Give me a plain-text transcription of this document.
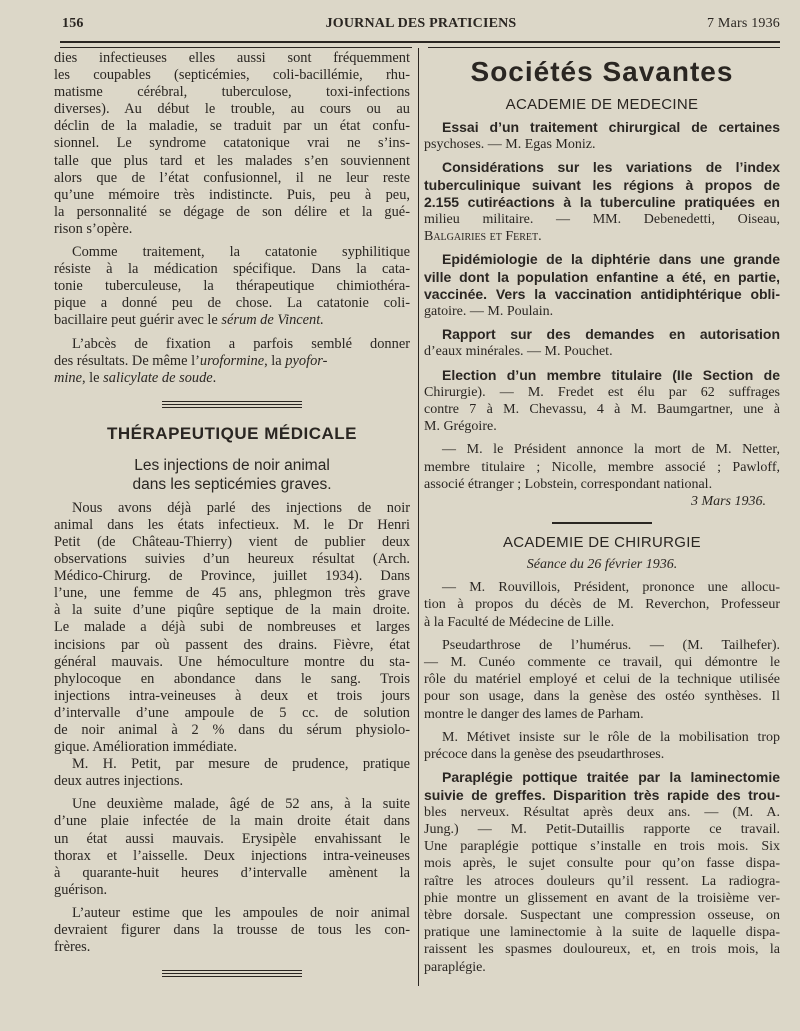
156	JOURNAL DES PRATICIENS	7 Mars 1936

dies infectieuses elles aussi sont fréquemment
les coupables (septicémies, coli-bacillémie, rhu-
matisme cérébral, tuberculose, toxi-infections
diverses). Au début le trouble, au cours ou au
déclin de la maladie, se traduit par un état confu-
sionnel. Le syndrome catatonique vrai ne s’ins-
talle que plus tard et les malades s’en souviennent
alors que de l’état confusionnel, il ne leur reste
qu’une mémoire très indistincte. Puis, peu à peu,
la personnalité se dégage de son délire et la gué-
rison s’opère.

Comme traitement, la catatonie syphilitique
résiste à la médication spécifique. Dans la cata-
tonie tuberculeuse, la thérapeutique chimiothéra-
pique a donné peu de chose. La catatonie coli-
bacillaire peut guérir avec le sérum de Vincent.

L’abcès de fixation a parfois semblé donner
des résultats. De même l’uroformine, la pyofor-
mine, le salicylate de soude.

THÉRAPEUTIQUE MÉDICALE
Les injections de noir animal
dans les septicémies graves.

Nous avons déjà parlé des injections de noir
animal dans les états infectieux. M. le Dr Henri
Petit (de Château-Thierry) vient de publier deux
observations suivies d’un heureux résultat (Arch.
Médico-Chirurg. de Province, juillet 1934). Dans
l’une, une femme de 45 ans, phlegmon très grave
à la suite d’une piqûre septique de la main droite.
Le malade a déjà subi de nombreuses et larges
incisions par où passent des drains. Fièvre, état
général mauvais. Une hémoculture montre du sta-
phylocoque en abondance dans le sang. Trois
injections intra-veineuses à deux et trois jours
d’intervalle d’une ampoule de 5 cc. de solution
de noir animal à 2 % dans du sérum physiolo-
gique. Amélioration immédiate.

M. H. Petit, par mesure de prudence, pratique
deux autres injections.

Une deuxième malade, âgé de 52 ans, à la suite
d’une plaie infectée de la main droite était dans
un état aussi mauvais. Erysipèle envahissant le
thorax et l’aisselle. Deux injections intra-veineuses
à quarante-huit heures d’intervalle amènent la
guérison.

L’auteur estime que les ampoules de noir animal
devraient figurer dans la trousse de tous les con-
frères.

Sociétés Savantes
ACADEMIE DE MEDECINE

Essai d’un traitement chirurgical de certaines
psychoses. — M. Egas Moniz.

Considérations sur les variations de l’index
tuberculinique suivant les régions à propos de
2.155 cutiréactions à la tuberculine pratiquées en
milieu militaire. — MM. Debenedetti, Oiseau,
Balgairies et Feret.

Epidémiologie de la diphtérie dans une grande
ville dont la population enfantine a été, en partie,
vaccinée. Vers la vaccination antidiphtérique obli-
gatoire. — M. Poulain.

Rapport sur des demandes en autorisation
d’eaux minérales. — M. Pouchet.

Election d’un membre titulaire (IIe Section de
Chirurgie). — M. Fredet est élu par 62 suffrages
contre 7 à M. Chevassu, 4 à M. Baumgartner, une à
M. Grégoire.

— M. le Président annonce la mort de M. Netter,
membre titulaire ; Nicolle, membre associé ; Pawloff,
associé étranger ; Lobstein, correspondant national.

3 Mars 1936.
ACADEMIE DE CHIRURGIE
Séance du 26 février 1936.

— M. Rouvillois, Président, prononce une allocu-
tion à propos du décès de M. Reverchon, Professeur
à la Faculté de Médecine de Lille.

Pseudarthrose de l’humérus. — (M. Tailhefer).
— M. Cunéo commente ce travail, qui démontre le
rôle du matériel employé et celui de la technique utilisée
pour son usage, dans la genèse des ostéo synthèses. Il
montre le danger des lames de Parham.

M. Métivet insiste sur le rôle de la mobilisation trop
précoce dans la genèse des pseudarthroses.

Paraplégie pottique traitée par la laminectomie
suivie de greffes. Disparition très rapide des trou-
bles nerveux. Résultat après deux ans. — (M. A.
Jung.) — M. Petit-Dutaillis rapporte ce travail.
Une paraplégie pottique s’installe en trois mois. Six
mois après, le sujet consulte pour qu’on fasse dispa-
raître les atroces douleurs qu’il ressent. La radiogra-
phie montre un glissement en avant de la troisième ver-
tèbre dorsale. Suspectant une compression osseuse, on
pratique une laminectomie à la suite de laquelle dispa-
raissent les spasmes douloureux, et, en trois mois, la
paraplégie.
